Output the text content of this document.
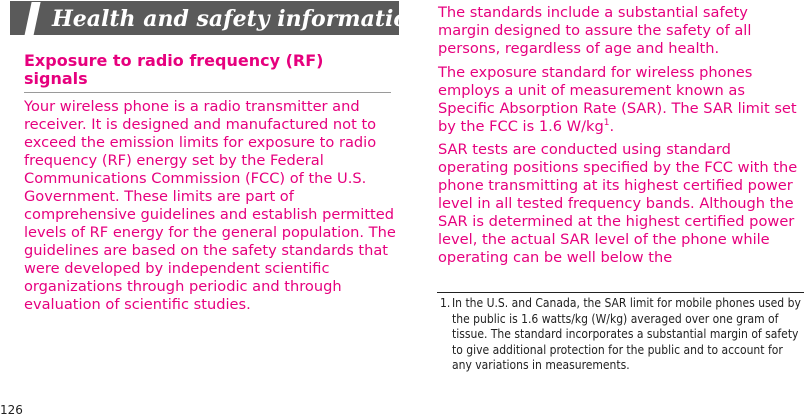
Health and safety information
Exposure to radio frequency (RF) signals

Your wireless phone is a radio transmitter and receiver. It is designed and manufactured not to exceed the emission limits for exposure to radio frequency (RF) energy set by the Federal Communications Commission (FCC) of the U.S. Government. These limits are part of comprehensive guidelines and establish permitted levels of RF energy for the general population. The guidelines are based on the safety standards that were developed by independent scientific organizations through periodic and through evaluation of scientific studies.

The standards include a substantial safety margin designed to assure the safety of all persons, regardless of age and health.

The exposure standard for wireless phones employs a unit of measurement known as Specific Absorption Rate (SAR). The SAR limit set by the FCC is 1.6 $W/kg^1$.

SAR tests are conducted using standard operating positions specified by the FCC with the phone transmitting at its highest certified power level in all tested frequency bands. Although the SAR is determined at the highest certified power level, the actual SAR level of the phone while operating can be well below the

1. In the U.S. and Canada, the SAR limit for mobile phones used by the public is 1.6 watts/kg (W/kg) averaged over one gram of tissue. The standard incorporates a substantial margin of safety to give additional protection for the public and to account for any variations in measurements.
126
